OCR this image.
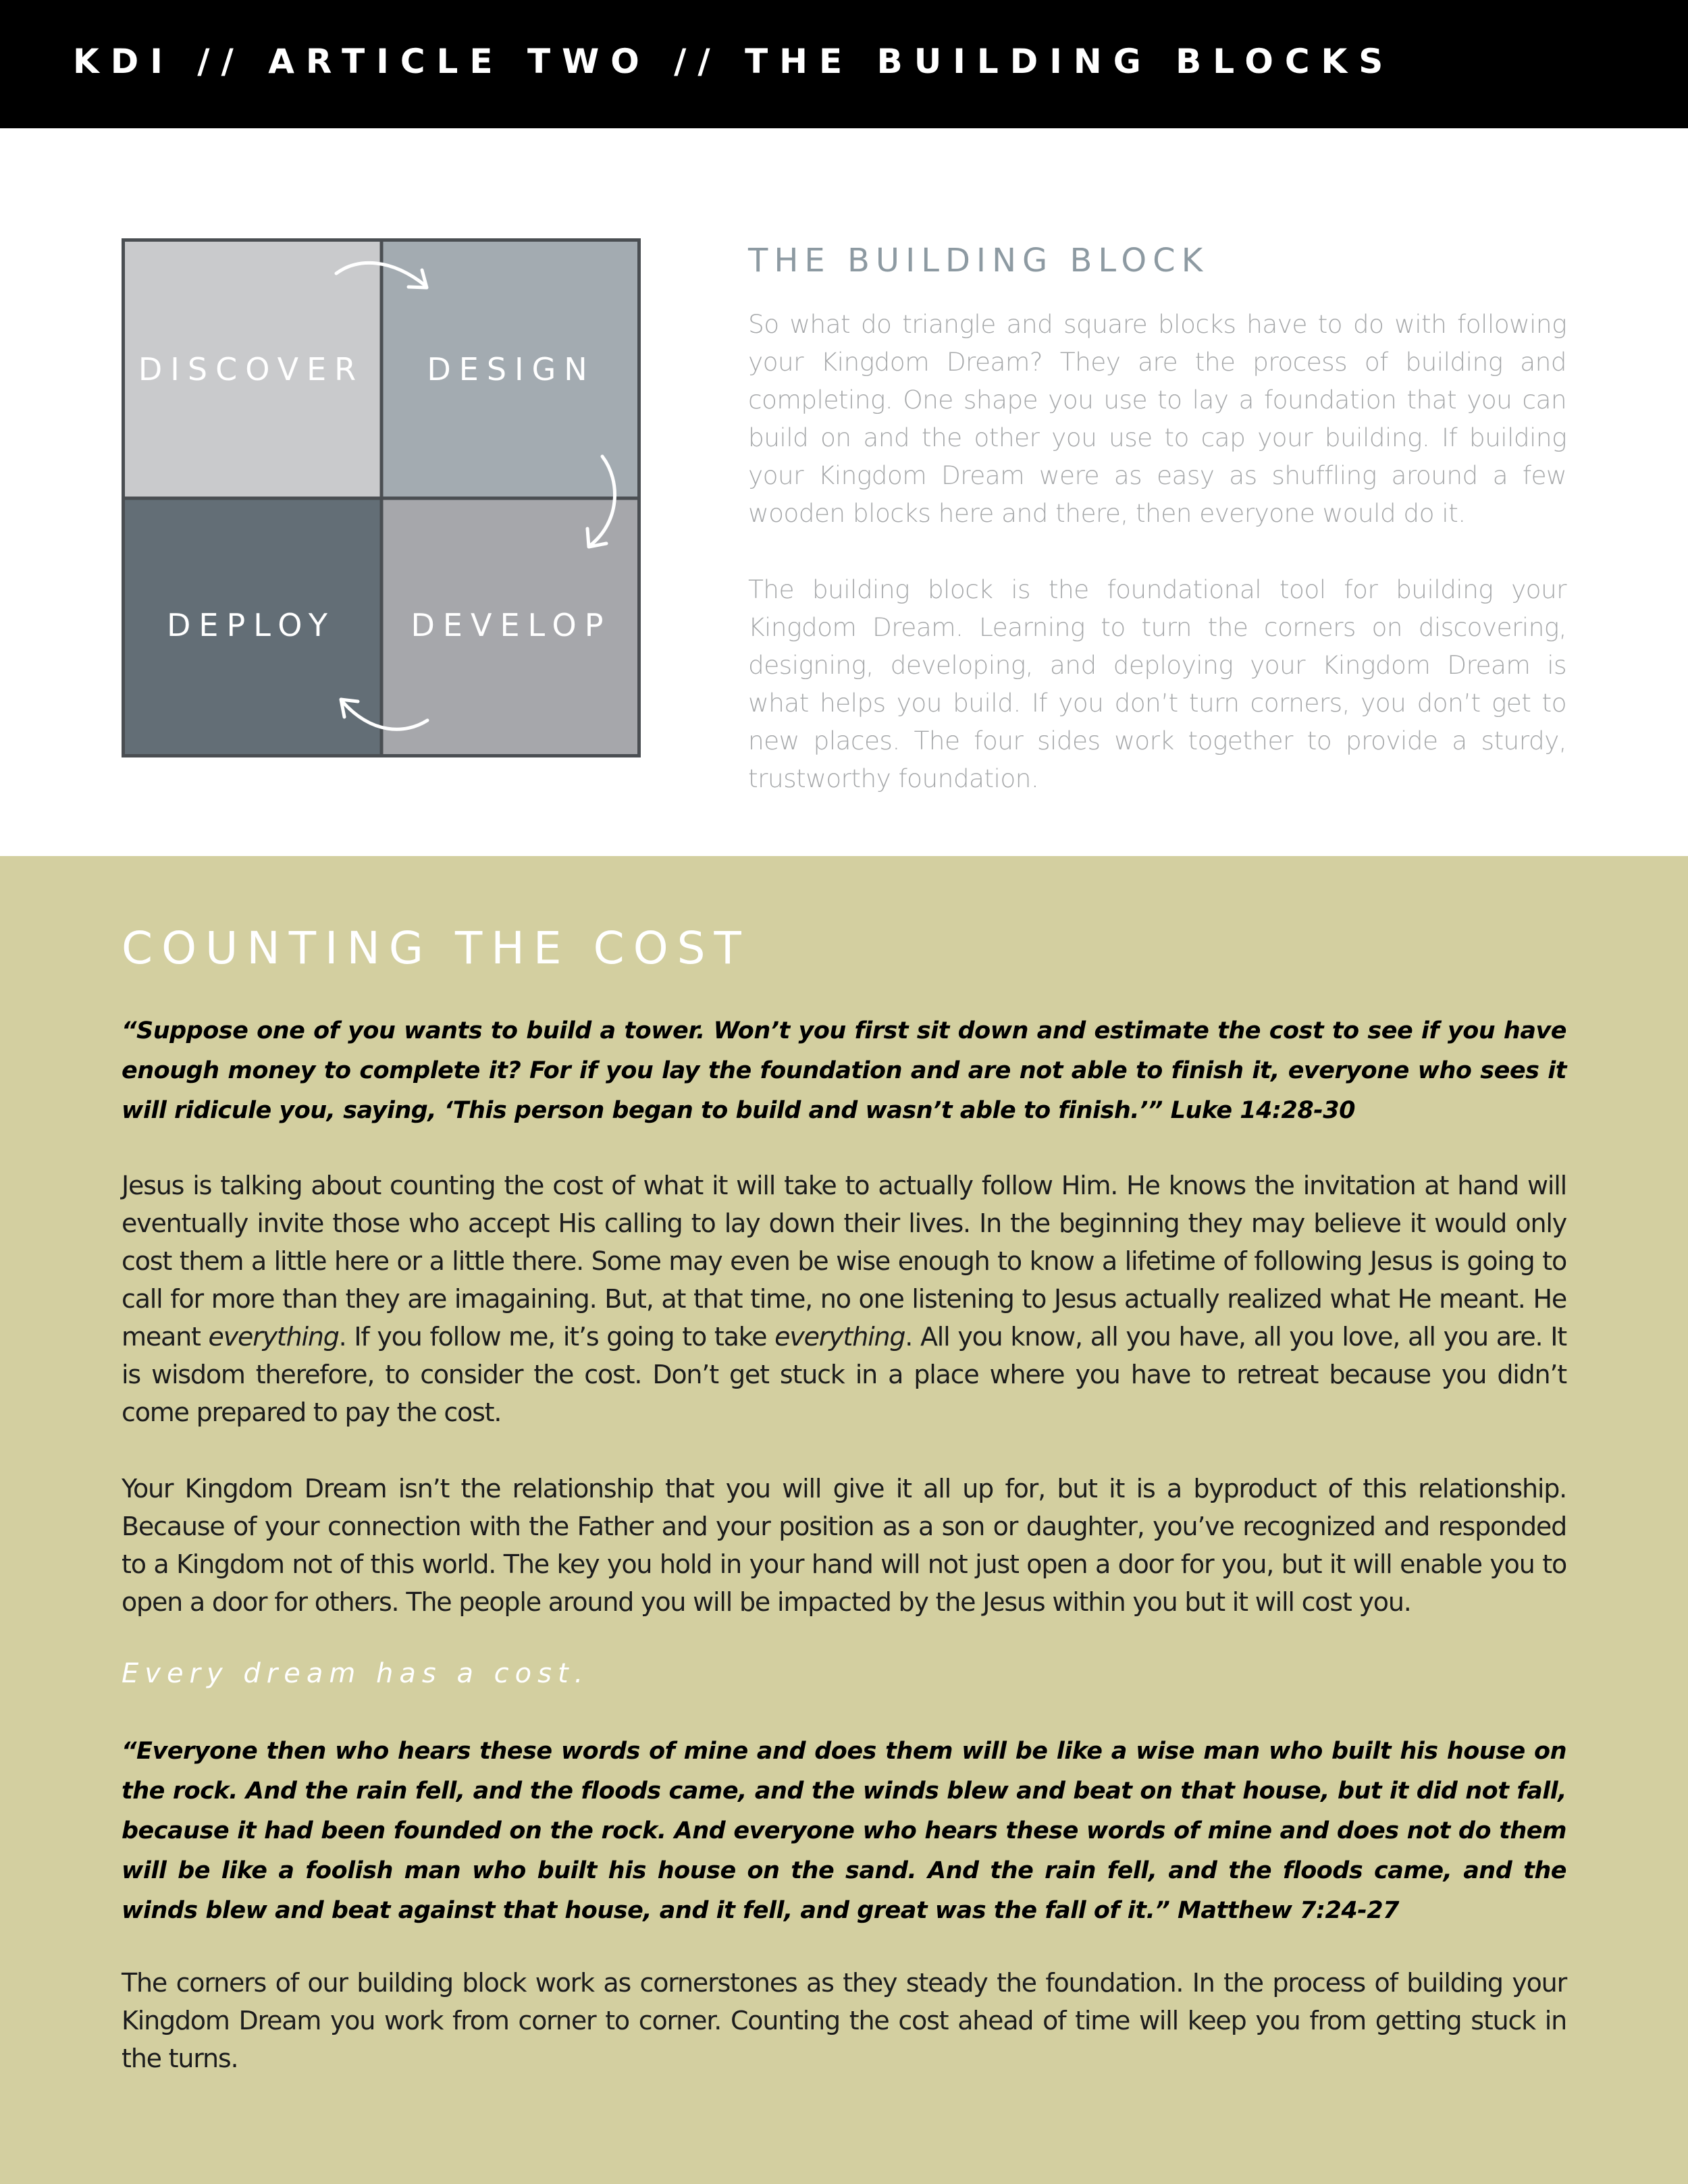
KDI // ARTICLE TWO // THE BUILDING BLOCKS
DISCOVER	DESIGN
DEPLOY	DEVELOP
THE BUILDING BLOCK

So what do triangle and square blocks have to do with following your Kingdom Dream? They are the process of building and completing. One shape you use to lay a foundation that you can build on and the other you use to cap your building. If building your Kingdom Dream were as easy as shuffling around a few wooden blocks here and there, then everyone would do it.

The building block is the foundational tool for building your Kingdom Dream. Learning to turn the corners on discovering, designing, developing, and deploying your Kingdom Dream is what helps you build. If you don’t turn corners, you don’t get to new places. The four sides work together to provide a sturdy, trustworthy foundation.

COUNTING THE COST

“Suppose one of you wants to build a tower. Won’t you first sit down and estimate the cost to see if you have enough money to complete it? For if you lay the foundation and are not able to finish it, everyone who sees it will ridicule you, saying, ‘This person began to build and wasn’t able to finish.’” Luke 14:28-30

Jesus is talking about counting the cost of what it will take to actually follow Him. He knows the invitation at hand will eventually invite those who accept His calling to lay down their lives. In the beginning they may believe it would only cost them a little here or a little there. Some may even be wise enough to know a lifetime of following Jesus is going to call for more than they are imagaining. But, at that time, no one listening to Jesus actually realized what He meant. He meant everything. If you follow me, it’s going to take everything. All you know, all you have, all you love, all you are. It is wisdom therefore, to consider the cost. Don’t get stuck in a place where you have to retreat because you didn’t come prepared to pay the cost.

Your Kingdom Dream isn’t the relationship that you will give it all up for, but it is a byproduct of this relationship. Because of your connection with the Father and your position as a son or daughter, you’ve recognized and responded to a Kingdom not of this world. The key you hold in your hand will not just open a door for you, but it will enable you to open a door for others. The people around you will be impacted by the Jesus within you but it will cost you.

Every dream has a cost.

“Everyone then who hears these words of mine and does them will be like a wise man who built his house on the rock. And the rain fell, and the floods came, and the winds blew and beat on that house, but it did not fall, because it had been founded on the rock. And everyone who hears these words of mine and does not do them will be like a foolish man who built his house on the sand. And the rain fell, and the floods came, and the winds blew and beat against that house, and it fell, and great was the fall of it.” Matthew 7:24-27

The corners of our building block work as cornerstones as they steady the foundation. In the process of building your Kingdom Dream you work from corner to corner. Counting the cost ahead of time will keep you from getting stuck in the turns.
